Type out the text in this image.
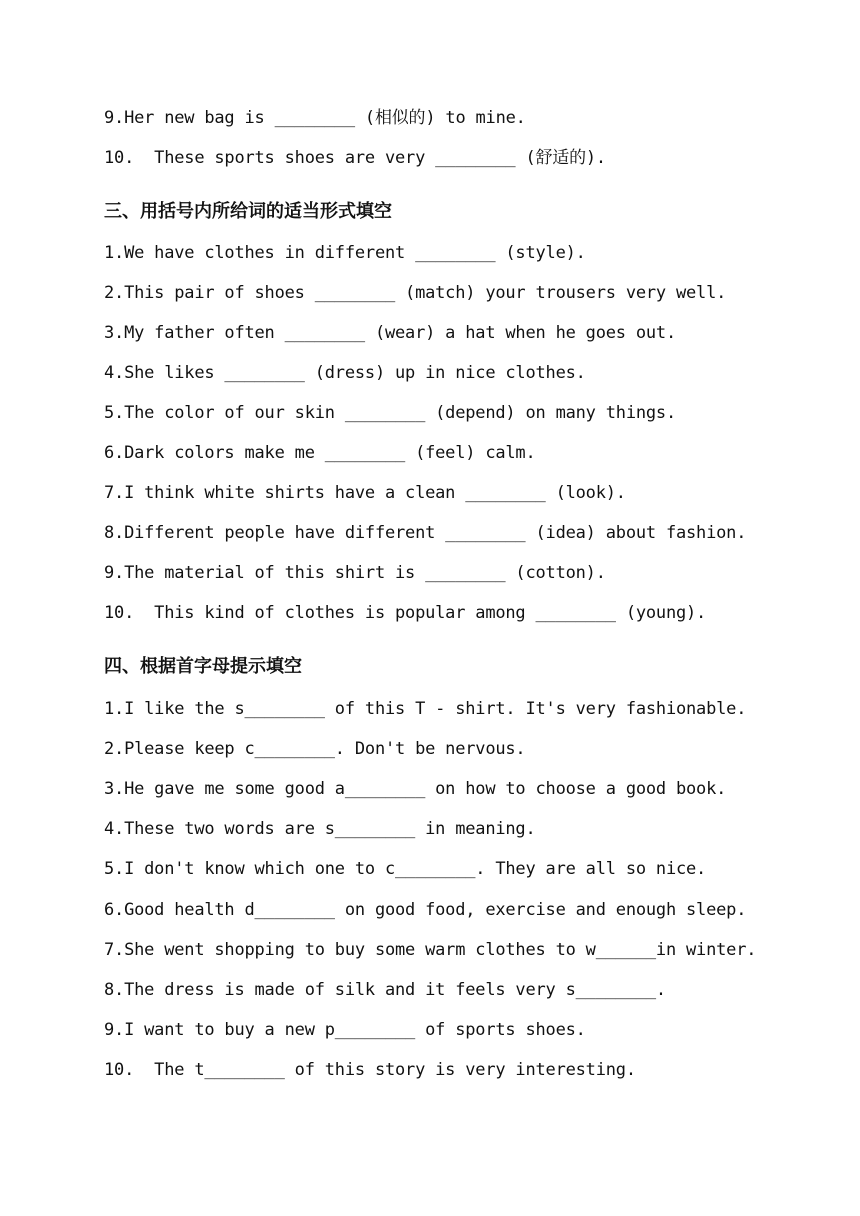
9.Her new bag is ________ (相似的) to mine.
10.  These sports shoes are very ________ (舒适的).
三、用括号内所给词的适当形式填空
1.We have clothes in different ________ (style).
2.This pair of shoes ________ (match) your trousers very well.
3.My father often ________ (wear) a hat when he goes out.
4.She likes ________ (dress) up in nice clothes.
5.The color of our skin ________ (depend) on many things.
6.Dark colors make me ________ (feel) calm.
7.I think white shirts have a clean ________ (look).
8.Different people have different ________ (idea) about fashion.
9.The material of this shirt is ________ (cotton).
10.  This kind of clothes is popular among ________ (young).
四、根据首字母提示填空
1.I like the s________ of this T - shirt. It's very fashionable.
2.Please keep c________. Don't be nervous.
3.He gave me some good a________ on how to choose a good book.
4.These two words are s________ in meaning.
5.I don't know which one to c________. They are all so nice.
6.Good health d________ on good food, exercise and enough sleep.
7.She went shopping to buy some warm clothes to w______in winter.
8.The dress is made of silk and it feels very s________.
9.I want to buy a new p________ of sports shoes.
10.  The t________ of this story is very interesting.
